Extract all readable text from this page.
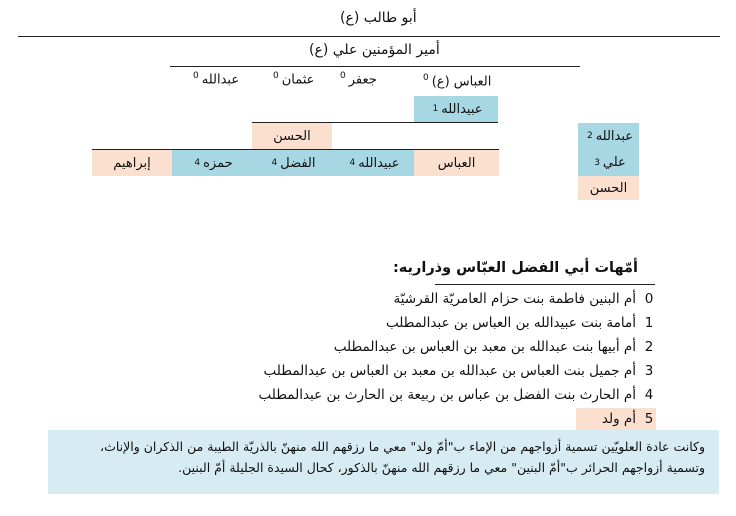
أبو طالب (ع)
أمير المؤمنين علي (ع)
العباس (ع)$^0$
جعفر$^0$
عثمان$^0$
عبدالله$^0$
عبيدالله
1
الحسن
العباس
عبيدالله
4
الفضل
4
حمزه
4
إبراهيم
عبدالله
2
علي
3
الحسن
أمّهات أبي الفضل العبّاس وذراريه:
0أم البنين فاطمة بنت حزام العامريّة القرشيّة
1أمامة بنت عبيدالله بن العباس بن عبدالمطلب
2أم أبيها بنت عبدالله بن معبد بن العباس بن عبدالمطلب
3أم جميل بنت العباس بن عبدالله بن معبد بن العباس بن عبدالمطلب
4أم الحارث بنت الفضل بن عباس بن ربيعة بن الحارث بن عبدالمطلب
5أم ولد
وكانت عادة العلويّين تسمية أزواجهم من الإماء ب"أمّ ولد" معي ما رزقهم الله منهنّ بالذريّة الطيبة من الذكران والإناث،
وتسمية أزواجهم الحرائر ب"أمّ البنين" معي ما رزقهم الله منهنّ بالذكور، كحال السيدة الجليلة أمّ البنين.
